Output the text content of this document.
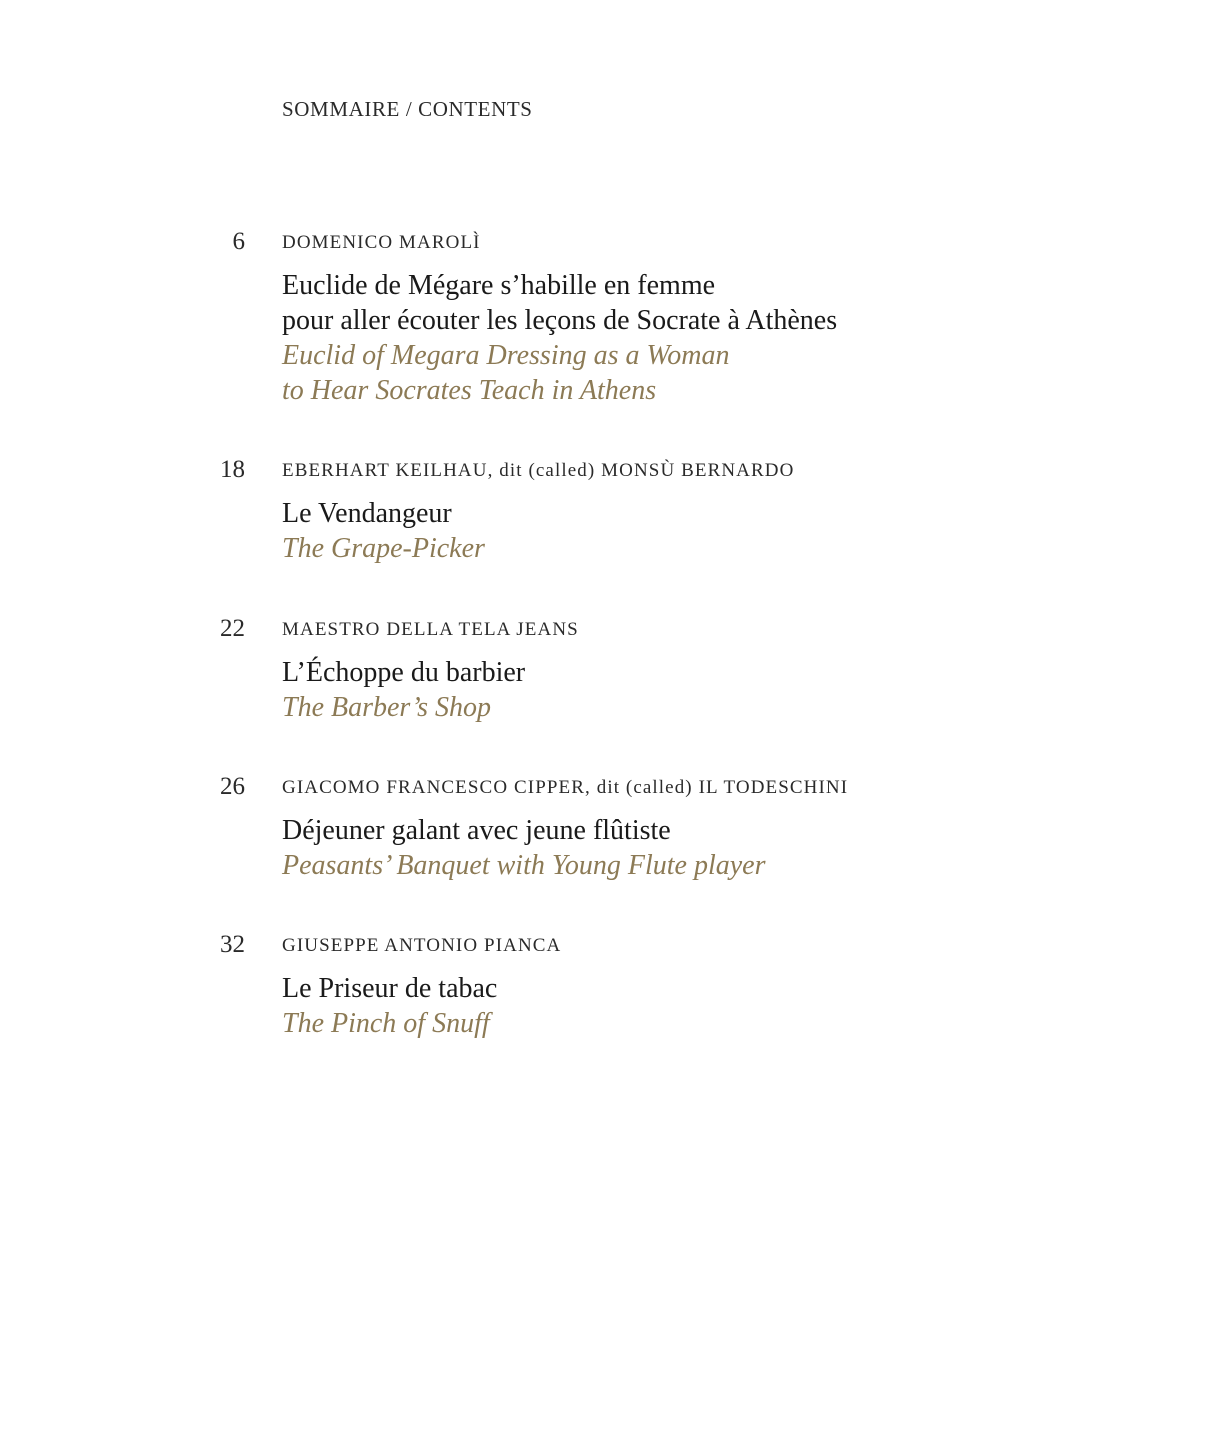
SOMMAIRE / CONTENTS
6 DOMENICO MAROLÌ
Euclide de Mégare s’habille en femme
pour aller écouter les leçons de Socrate à Athènes
Euclid of Megara Dressing as a Woman
to Hear Socrates Teach in Athens
18 EBERHART KEILHAU, dit (called) MONSÙ BERNARDO
Le Vendangeur
The Grape-Picker
22 MAESTRO DELLA TELA JEANS
L’Échoppe du barbier
The Barber’s Shop
26 GIACOMO FRANCESCO CIPPER, dit (called) IL TODESCHINI
Déjeuner galant avec jeune flûtiste
Peasants’ Banquet with Young Flute player
32 GIUSEPPE ANTONIO PIANCA
Le Priseur de tabac
The Pinch of Snuff
